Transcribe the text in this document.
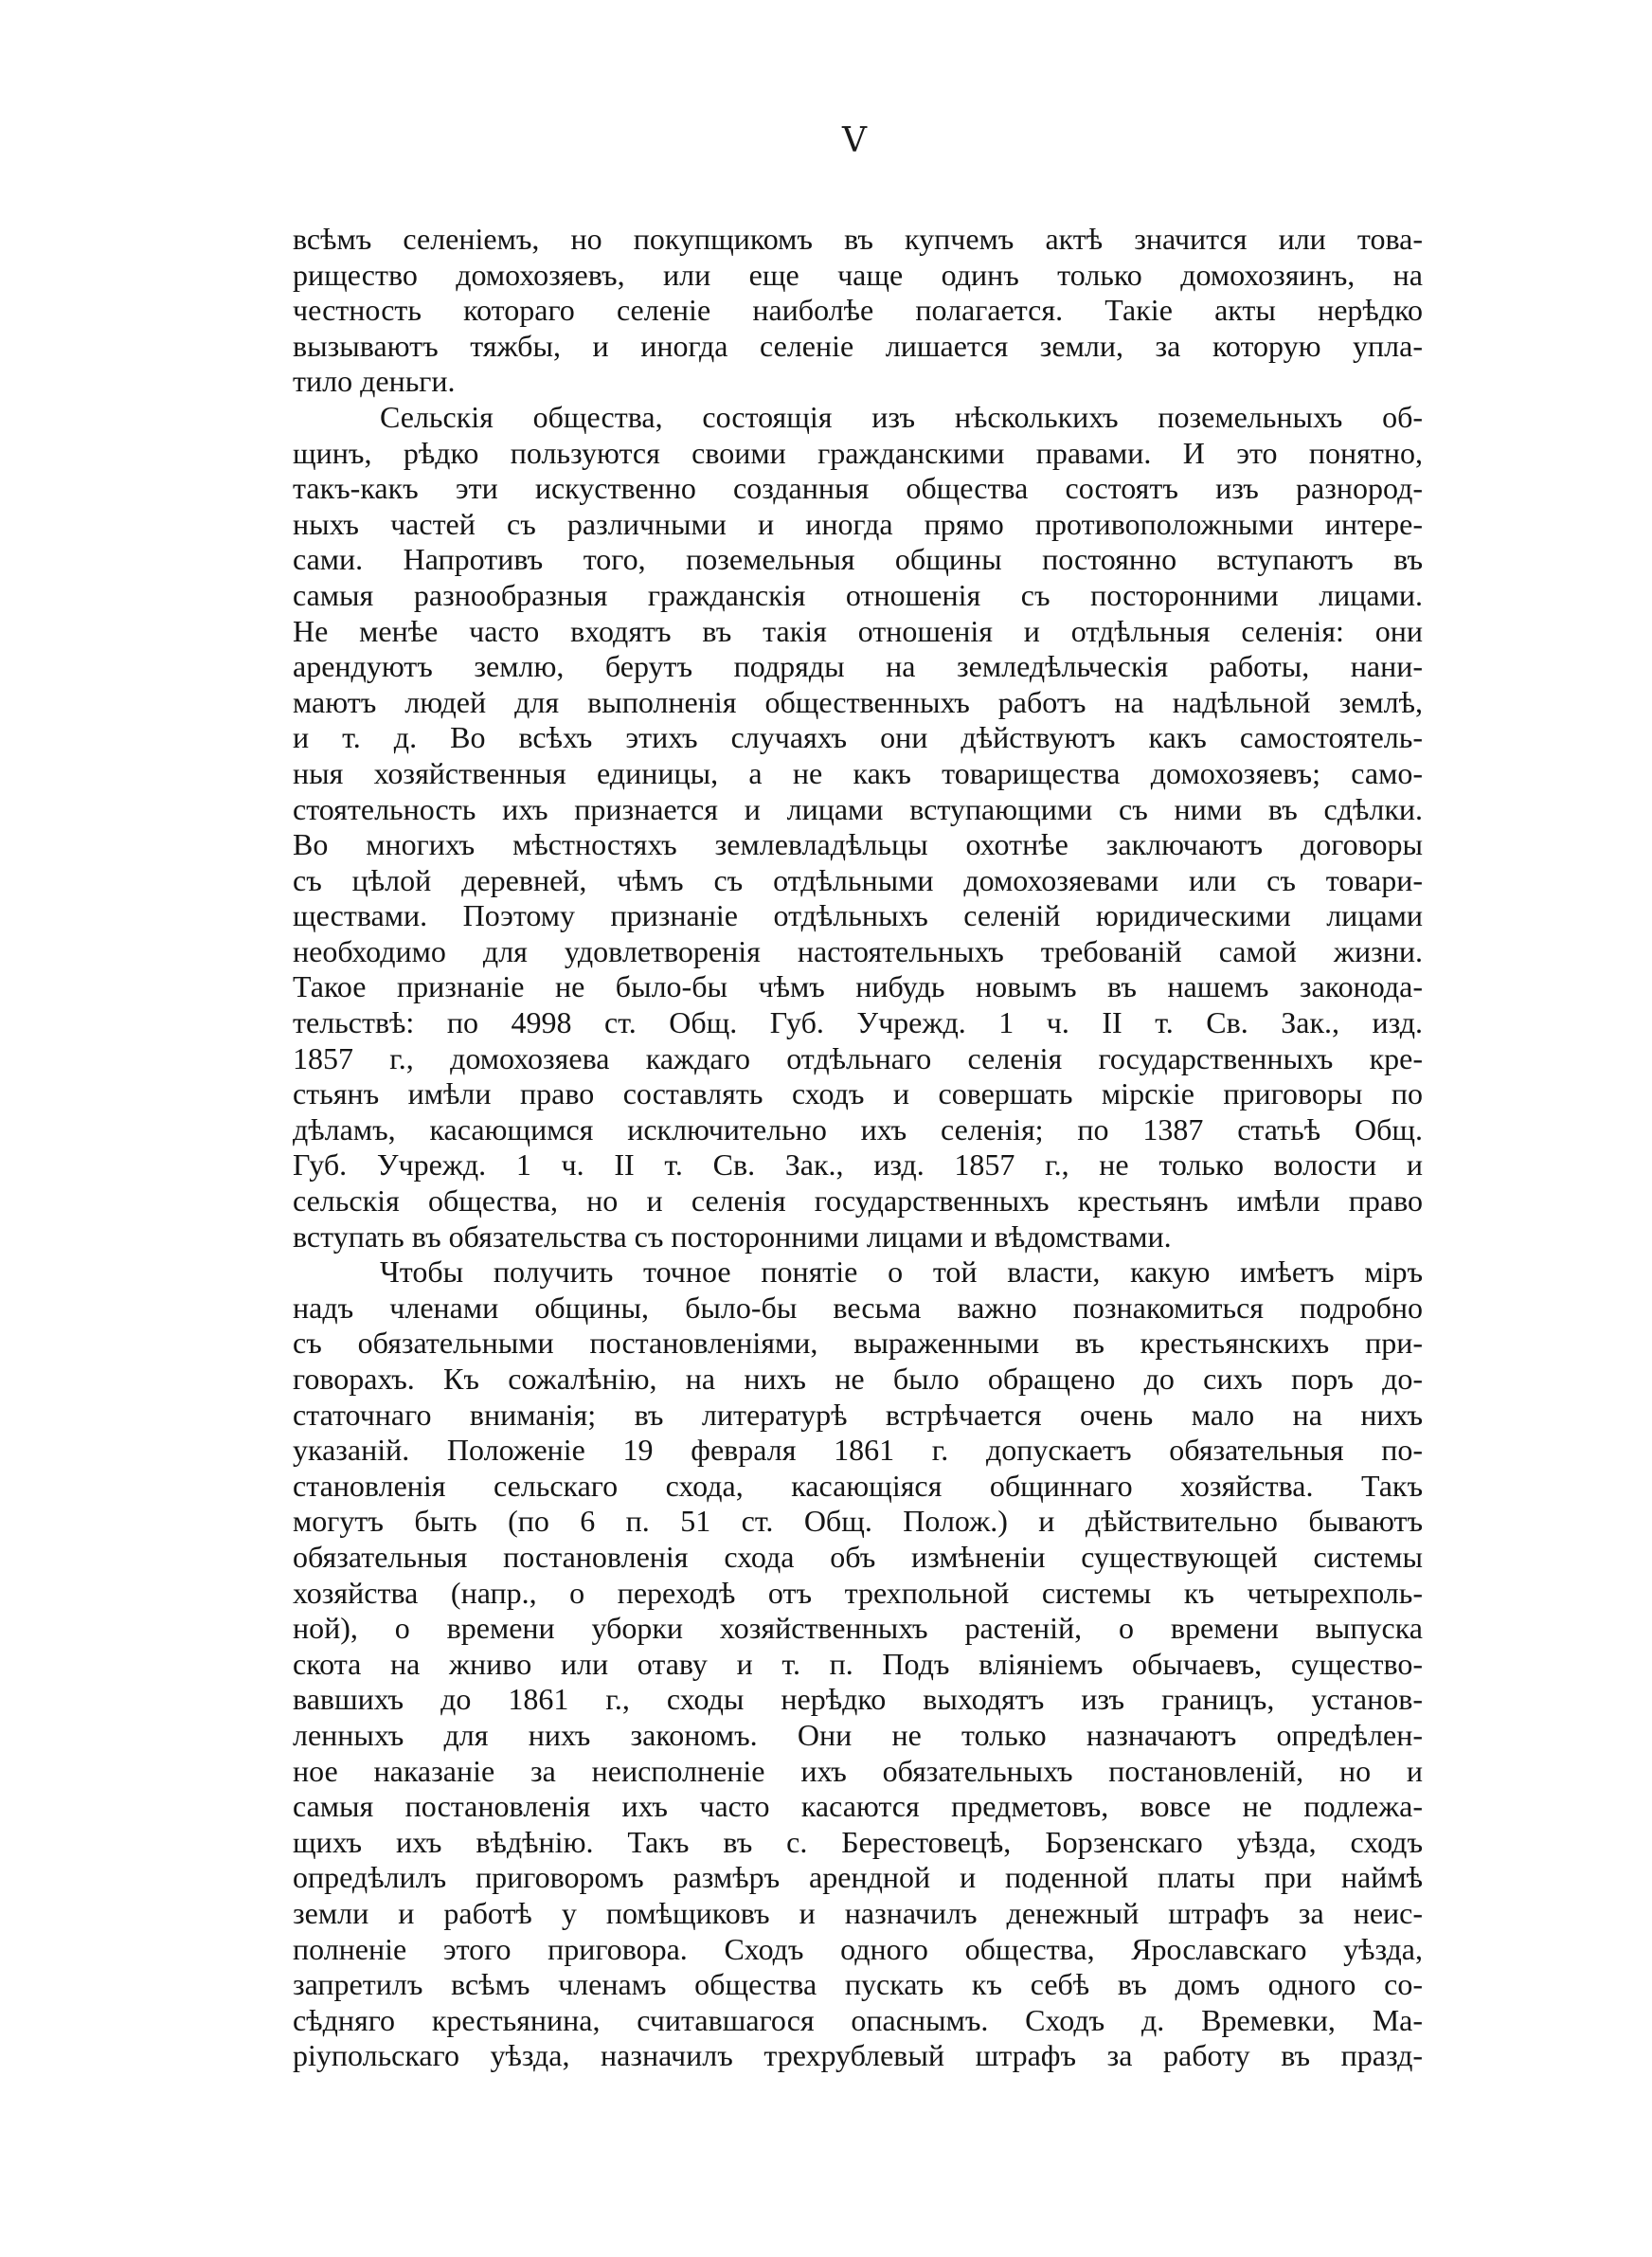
V
всѣмъ селеніемъ, но покупщикомъ въ купчемъ актѣ значится или това-
рищество домохозяевъ, или еще чаще одинъ только домохозяинъ, на
честность котораго селеніе наиболѣе полагается. Такіе акты нерѣдко
вызываютъ тяжбы, и иногда селеніе лишается земли, за которую упла-
тило деньги.
Сельскія общества, состоящія изъ нѣсколькихъ поземельныхъ об-
щинъ, рѣдко пользуются своими гражданскими правами. И это понятно,
такъ-какъ эти искуственно созданныя общества состоятъ изъ разнород-
ныхъ частей съ различными и иногда прямо противоположными интере-
сами. Напротивъ того, поземельныя общины постоянно вступаютъ въ
самыя разнообразныя гражданскія отношенія съ посторонними лицами.
Не менѣе часто входятъ въ такія отношенія и отдѣльныя селенія: они
арендуютъ землю, берутъ подряды на земледѣльческія работы, нани-
маютъ людей для выполненія общественныхъ работъ на надѣльной землѣ,
и т. д. Во всѣхъ этихъ случаяхъ они дѣйствуютъ какъ самостоятель-
ныя хозяйственныя единицы, а не какъ товарищества домохозяевъ; само-
стоятельность ихъ признается и лицами вступающими съ ними въ сдѣлки.
Во многихъ мѣстностяхъ землевладѣльцы охотнѣе заключаютъ договоры
съ цѣлой деревней, чѣмъ съ отдѣльными домохозяевами или съ товари-
ществами. Поэтому признаніе отдѣльныхъ селеній юридическими лицами
необходимо для удовлетворенія настоятельныхъ требованій самой жизни.
Такое признаніе не было-бы чѣмъ нибудь новымъ въ нашемъ законода-
тельствѣ: по 4998 ст. Общ. Губ. Учрежд. 1 ч. II т. Св. Зак., изд.
1857 г., домохозяева каждаго отдѣльнаго селенія государственныхъ кре-
стьянъ имѣли право составлять сходъ и совершать мірскіе приговоры по
дѣламъ, касающимся исключительно ихъ селенія; по 1387 статьѣ Общ.
Губ. Учрежд. 1 ч. II т. Св. Зак., изд. 1857 г., не только волости и
сельскія общества, но и селенія государственныхъ крестьянъ имѣли право
вступать въ обязательства съ посторонними лицами и вѣдомствами.
Чтобы получить точное понятіе о той власти, какую имѣетъ міръ
надъ членами общины, было-бы весьма важно познакомиться подробно
съ обязательными постановленіями, выраженными въ крестьянскихъ при-
говорахъ. Къ сожалѣнію, на нихъ не было обращено до сихъ поръ до-
статочнаго вниманія; въ литературѣ встрѣчается очень мало на нихъ
указаній. Положеніе 19 февраля 1861 г. допускаетъ обязательныя по-
становленія сельскаго схода, касающіяся общиннаго хозяйства. Такъ
могутъ быть (по 6 п. 51 ст. Общ. Полож.) и дѣйствительно бываютъ
обязательныя постановленія схода объ измѣненіи существующей системы
хозяйства (напр., о переходѣ отъ трехпольной системы къ четырехполь-
ной), о времени уборки хозяйственныхъ растеній, о времени выпуска
скота на жниво или отаву и т. п. Подъ вліяніемъ обычаевъ, существо-
вавшихъ до 1861 г., сходы нерѣдко выходятъ изъ границъ, установ-
ленныхъ для нихъ закономъ. Они не только назначаютъ опредѣлен-
ное наказаніе за неисполненіе ихъ обязательныхъ постановленій, но и
самыя постановленія ихъ часто касаются предметовъ, вовсе не подлежа-
щихъ ихъ вѣдѣнію. Такъ въ с. Берестовецѣ, Борзенскаго уѣзда, сходъ
опредѣлилъ приговоромъ размѣръ арендной и поденной платы при наймѣ
земли и работѣ у помѣщиковъ и назначилъ денежный штрафъ за неис-
полненіе этого приговора. Сходъ одного общества, Ярославскаго уѣзда,
запретилъ всѣмъ членамъ общества пускать къ себѣ въ домъ одного со-
сѣдняго крестьянина, считавшагося опаснымъ. Сходъ д. Времевки, Ма-
ріупольскаго уѣзда, назначилъ трехрублевый штрафъ за работу въ празд-
